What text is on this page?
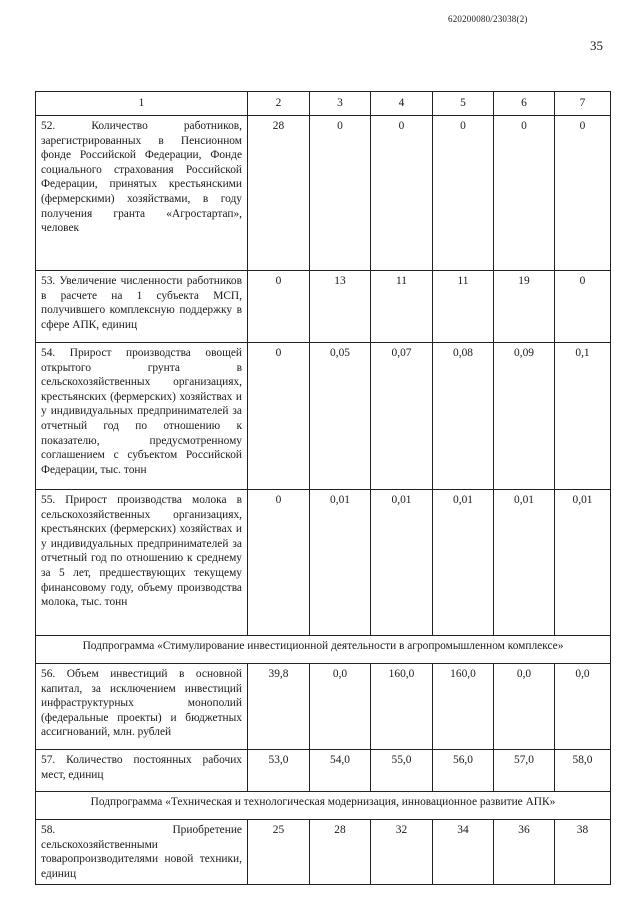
620200080/23038(2)
35
1	2	3	4	5	6	7
52. Количество работников, зарегистрированных в Пенсионном фонде Российской Федерации, Фонде социального страхования Российской Федерации, принятых крестьянскими (фермерскими) хозяйствами, в году получения гранта «Агростартап», человек	28	0	0	0	0	0
53. Увеличение численности работников в расчете на 1 субъекта МСП, получившего комплексную поддержку в сфере АПК, единиц	0	13	11	11	19	0
54. Прирост производства овощей открытого грунта в сельскохозяйственных организациях, крестьянских (фермерских) хозяйствах и у индивидуальных предпринимателей за отчетный год по отношению к показателю, предусмотренному соглашением с субъектом Российской Федерации, тыс. тонн	0	0,05	0,07	0,08	0,09	0,1
55. Прирост производства молока в сельскохозяйственных организациях, крестьянских (фермерских) хозяйствах и у индивидуальных предпринимателей за отчетный год по отношению к среднему за 5 лет, предшествующих текущему финансовому году, объему производства молока, тыс. тонн	0	0,01	0,01	0,01	0,01	0,01
Подпрограмма «Стимулирование инвестиционной деятельности в агропромышленном комплексе»						
56. Объем инвестиций в основной капитал, за исключением инвестиций инфраструктурных монополий (федеральные проекты) и бюджетных ассигнований, млн. рублей	39,8	0,0	160,0	160,0	0,0	0,0
57. Количество постоянных рабочих мест, единиц	53,0	54,0	55,0	56,0	57,0	58,0
Подпрограмма «Техническая и технологическая модернизация, инновационное развитие АПК»						
58. Приобретение сельскохозяйственными товаропроизводителями новой техники, единиц	25	28	32	34	36	38
